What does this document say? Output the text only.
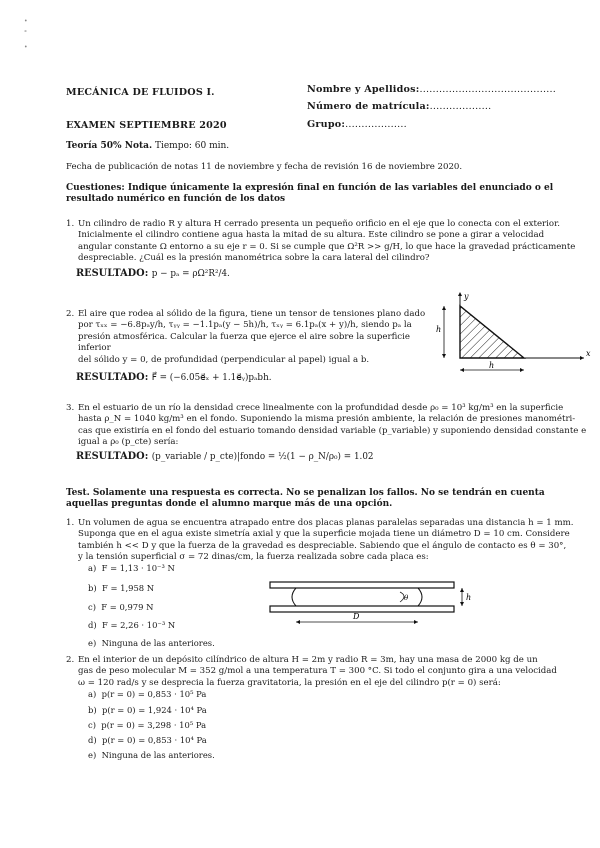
•
°
•
MECÁNICA DE FLUIDOS I.	Nombre y Apellidos:..........................................
Número de matrícula:...................
EXAMEN SEPTIEMBRE 2020	Grupo:...................
Teoría 50% Nota. Tiempo: 60 min.
Fecha de publicación de notas 11 de noviembre y fecha de revisión 16 de noviembre 2020.
Cuestiones: Indique únicamente la expresión final en función de las variables del enunciado o el
resultado numérico en función de los datos
1. Un cilindro de radio R y altura H cerrado presenta un pequeño orificio en el eje que lo conecta con el exterior.
Inicialmente el cilindro contiene agua hasta la mitad de su altura. Este cilindro se pone a girar a velocidad
angular constante Ω entorno a su eje r = 0. Si se cumple que Ω²R >> g/H, lo que hace la gravedad prácticamente
despreciable. ¿Cuál es la presión manométrica sobre la cara lateral del cilindro?
RESULTADO: p − pₐ = ρΩ²R²/4.
2. El aire que rodea al sólido de la figura, tiene un tensor de tensiones plano dado
por τₓₓ = −6.8pₐy/h, τᵧᵧ = −1.1pₐ(y − 5h)/h, τₓᵧ = 6.1pₐ(x + y)/h, siendo pₐ la
presión atmosférica. Calcular la fuerza que ejerce el aire sobre la superficie inferior
del sólido y = 0, de profundidad (perpendicular al papel) igual a b.
RESULTADO: F⃗ = (−6.05e⃗ₓ + 1.1e⃗ᵧ)pₐbh.
y
x
h
h
3. En el estuario de un río la densidad crece linealmente con la profundidad desde ρ₀ = 10³ kg/m³ en la superficie
hasta ρ_N = 1040 kg/m³ en el fondo. Suponiendo la misma presión ambiente, la relación de presiones manométri-
cas que existiría en el fondo del estuario tomando densidad variable (p_variable) y suponiendo densidad constante e
igual a ρ₀ (p_cte) sería:
RESULTADO: (p_variable / p_cte)|fondo = ½(1 − ρ_N/ρ₀) = 1.02
Test. Solamente una respuesta es correcta. No se penalizan los fallos. No se tendrán en cuenta
aquellas preguntas donde el alumno marque más de una opción.
1. Un volumen de agua se encuentra atrapado entre dos placas planas paralelas separadas una distancia h = 1 mm.
Suponga que en el agua existe simetría axial y que la superficie mojada tiene un diámetro D = 10 cm. Considere
también h << D y que la fuerza de la gravedad es despreciable. Sabiendo que el ángulo de contacto es θ = 30°,
y la tensión superficial σ = 72 dinas/cm, la fuerza realizada sobre cada placa es:
a) F = 1,13 · 10⁻³ N
b) F = 1,958 N
c) F = 0,979 N
d) F = 2,26 · 10⁻³ N
e) Ninguna de las anteriores.
θ	h
D
2. En el interior de un depósito cilíndrico de altura H = 2m y radio R = 3m, hay una masa de 2000 kg de un
gas de peso molecular M = 352 g/mol a una temperatura T = 300 °C. Si todo el conjunto gira a una velocidad
ω = 120 rad/s y se desprecia la fuerza gravitatoria, la presión en el eje del cilindro p(r = 0) será:
a) p(r = 0) = 0,853 · 10⁵ Pa
b) p(r = 0) = 1,924 · 10⁴ Pa
c) p(r = 0) = 3,298 · 10⁵ Pa
d) p(r = 0) = 0,853 · 10⁴ Pa
e) Ninguna de las anteriores.
